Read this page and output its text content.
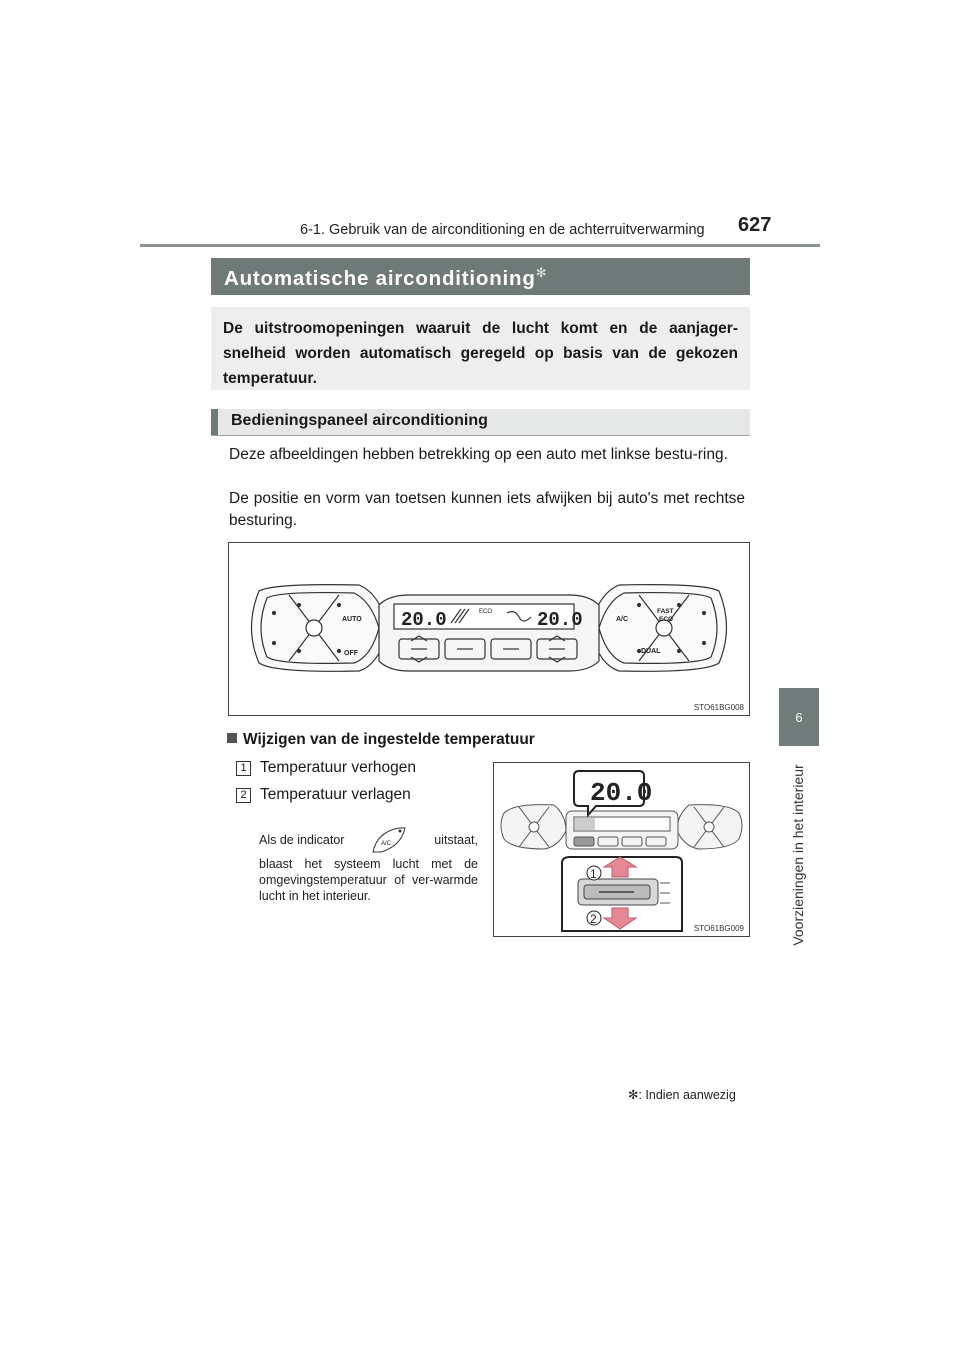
6-1. Gebruik van de airconditioning en de achterruitverwarming 627
6
Voorzieningen in het interieur
Automatische airconditioning✻
De uitstroomopeningen waaruit de lucht komt en de aanjager-snelheid worden automatisch geregeld op basis van de gekozen temperatuur.
Bedieningspaneel airconditioning
Deze afbeeldingen hebben betrekking op een auto met linkse bestu-ring.
De positie en vorm van toetsen kunnen iets afwijken bij auto's met rechtse besturing.
20.0	20.0
ECO
AUTO
OFF
A/C
FAST
ECO
DUAL
STO61BG008
Wijzigen van de ingestelde temperatuur
1 Temperatuur verhogen
2 Temperatuur verlagen
Als de indicator	A/C	uitstaat,

blaast het systeem lucht met de omgevingstemperatuur of ver-warmde lucht in het interieur.

20.0
1
2
STO61BG009
✻: Indien aanwezig
